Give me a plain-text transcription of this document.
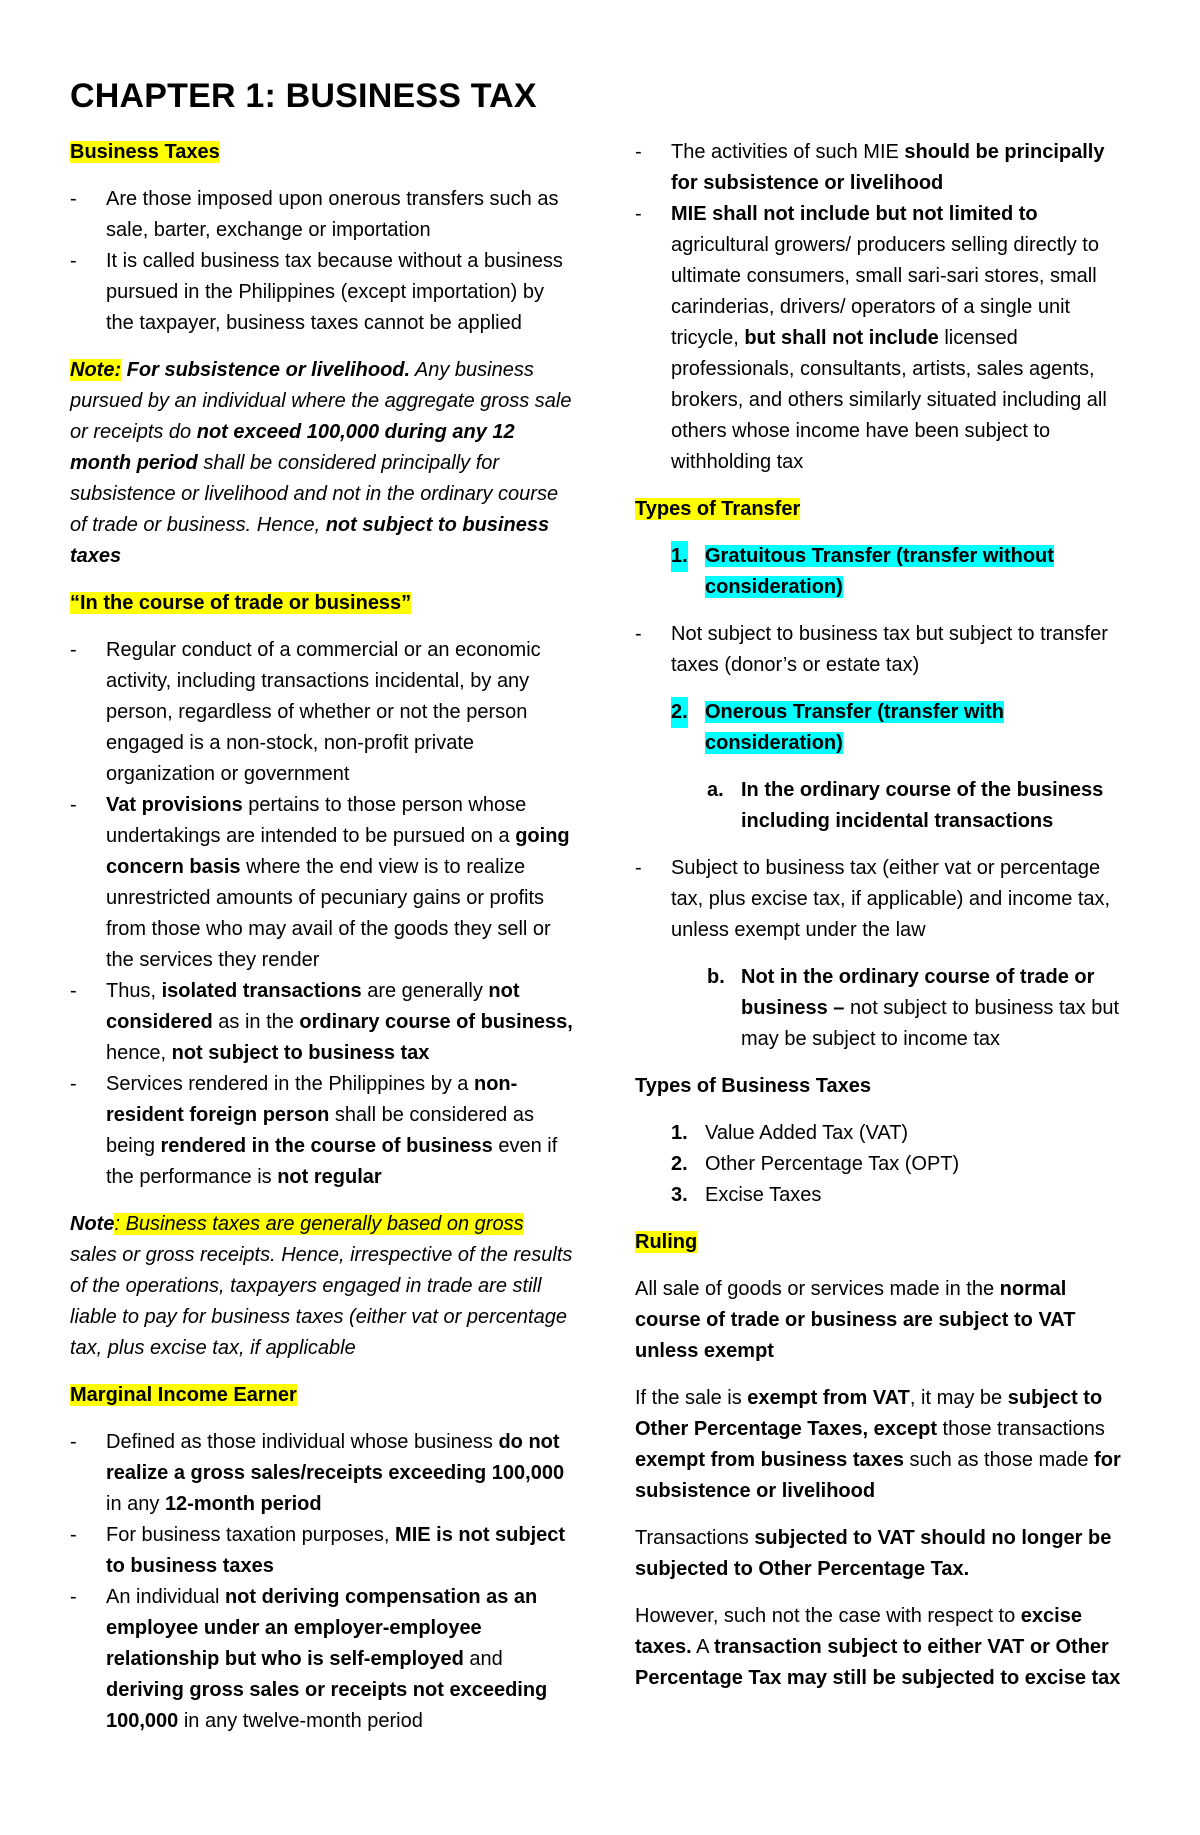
CHAPTER 1: BUSINESS TAX
Business Taxes
- Are those imposed upon onerous transfers such as sale, barter, exchange or importation
- It is called business tax because without a business pursued in the Philippines (except importation) by the taxpayer, business taxes cannot be applied

Note: For subsistence or livelihood. Any business pursued by an individual where the aggregate gross sale or receipts do not exceed 100,000 during any 12 month period shall be considered principally for subsistence or livelihood and not in the ordinary course of trade or business. Hence, not subject to business taxes

“In the course of trade or business”
- Regular conduct of a commercial or an economic activity, including transactions incidental, by any person, regardless of whether or not the person engaged is a non-stock, non-profit private organization or government
- Vat provisions pertains to those person whose undertakings are intended to be pursued on a going concern basis where the end view is to realize unrestricted amounts of pecuniary gains or profits from those who may avail of the goods they sell or the services they render
- Thus, isolated transactions are generally not considered as in the ordinary course of business, hence, not subject to business tax
- Services rendered in the Philippines by a non-resident foreign person shall be considered as being rendered in the course of business even if the performance is not regular

Note: Business taxes are generally based on gross sales or gross receipts. Hence, irrespective of the results of the operations, taxpayers engaged in trade are still liable to pay for business taxes (either vat or percentage tax, plus excise tax, if applicable

Marginal Income Earner
- Defined as those individual whose business do not realize a gross sales/receipts exceeding 100,000 in any 12-month period
- For business taxation purposes, MIE is not subject to business taxes
- An individual not deriving compensation as an employee under an employer-employee relationship but who is self-employed and deriving gross sales or receipts not exceeding 100,000 in any twelve-month period
- The activities of such MIE should be principally for subsistence or livelihood
- MIE shall not include but not limited to agricultural growers/ producers selling directly to ultimate consumers, small sari-sari stores, small carinderias, drivers/ operators of a single unit tricycle, but shall not include licensed professionals, consultants, artists, sales agents, brokers, and others similarly situated including all others whose income have been subject to withholding tax
Types of Transfer
1. Gratuitous Transfer (transfer without consideration)
- Not subject to business tax but subject to transfer taxes (donor’s or estate tax)
2. Onerous Transfer (transfer with consideration)
a. In the ordinary course of the business including incidental transactions
- Subject to business tax (either vat or percentage tax, plus excise tax, if applicable) and income tax, unless exempt under the law
b. Not in the ordinary course of trade or business – not subject to business tax but may be subject to income tax
Types of Business Taxes
1. Value Added Tax (VAT)
2. Other Percentage Tax (OPT)
3. Excise Taxes
Ruling

All sale of goods or services made in the normal course of trade or business are subject to VAT unless exempt

If the sale is exempt from VAT, it may be subject to Other Percentage Taxes, except those transactions exempt from business taxes such as those made for subsistence or livelihood

Transactions subjected to VAT should no longer be subjected to Other Percentage Tax.

However, such not the case with respect to excise taxes. A transaction subject to either VAT or Other Percentage Tax may still be subjected to excise tax
